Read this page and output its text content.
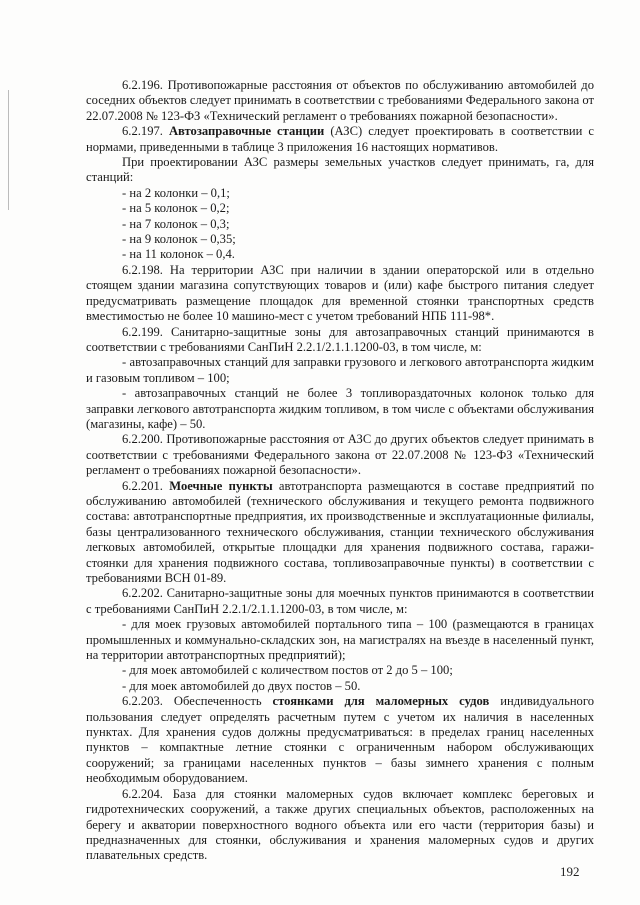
6.2.196. Противопожарные расстояния от объектов по обслуживанию автомобилей до соседних объектов следует принимать в соответствии с требованиями Федерального закона от 22.07.2008 № 123-ФЗ «Технический регламент о требованиях пожарной безопасности».

6.2.197. Автозаправочные станции (АЗС) следует проектировать в соответствии с нормами, приведенными в таблице 3 приложения 16 настоящих нормативов.

При проектировании АЗС размеры земельных участков следует принимать, га, для станций:

- на 2 колонки – 0,1;

- на 5 колонок – 0,2;

- на 7 колонок – 0,3;

- на 9 колонок – 0,35;

- на 11 колонок – 0,4.

6.2.198. На территории АЗС при наличии в здании операторской или в отдельно стоящем здании магазина сопутствующих товаров и (или) кафе быстрого питания следует предусматривать размещение площадок для временной стоянки транспортных средств вместимостью не более 10 машино-мест с учетом требований НПБ 111-98*.

6.2.199. Санитарно-защитные зоны для автозаправочных станций принимаются в соответствии с требованиями СанПиН 2.2.1/2.1.1.1200-03, в том числе, м:

- автозаправочных станций для заправки грузового и легкового автотранспорта жидким и газовым топливом – 100;

- автозаправочных станций не более 3 топливораздаточных колонок только для заправки легкового автотранспорта жидким топливом, в том числе с объектами обслуживания (магазины, кафе) – 50.

6.2.200. Противопожарные расстояния от АЗС до других объектов следует принимать в соответствии с требованиями Федерального закона от 22.07.2008 № 123-ФЗ «Технический регламент о требованиях пожарной безопасности».

6.2.201. Моечные пункты автотранспорта размещаются в составе предприятий по обслуживанию автомобилей (технического обслуживания и текущего ремонта подвижного состава: автотранспортные предприятия, их производственные и эксплуатационные филиалы, базы централизованного технического обслуживания, станции технического обслуживания легковых автомобилей, открытые площадки для хранения подвижного состава, гаражи-стоянки для хранения подвижного состава, топливозаправочные пункты) в соответствии с требованиями ВСН 01-89.

6.2.202. Санитарно-защитные зоны для моечных пунктов принимаются в соответствии с требованиями СанПиН 2.2.1/2.1.1.1200-03, в том числе, м:

- для моек грузовых автомобилей портального типа – 100 (размещаются в границах промышленных и коммунально-складских зон, на магистралях на въезде в населенный пункт, на территории автотранспортных предприятий);

- для моек автомобилей с количеством постов от 2 до 5 – 100;

- для моек автомобилей до двух постов – 50.

6.2.203. Обеспеченность стоянками для маломерных судов индивидуального пользования следует определять расчетным путем с учетом их наличия в населенных пунктах. Для хранения судов должны предусматриваться: в пределах границ населенных пунктов – компактные летние стоянки с ограниченным набором обслуживающих сооружений; за границами населенных пунктов – базы зимнего хранения с полным необходимым оборудованием.

6.2.204. База для стоянки маломерных судов включает комплекс береговых и гидротехнических сооружений, а также других специальных объектов, расположенных на берегу и акватории поверхностного водного объекта или его части (территория базы) и предназначенных для стоянки, обслуживания и хранения маломерных судов и других плавательных средств.

192
